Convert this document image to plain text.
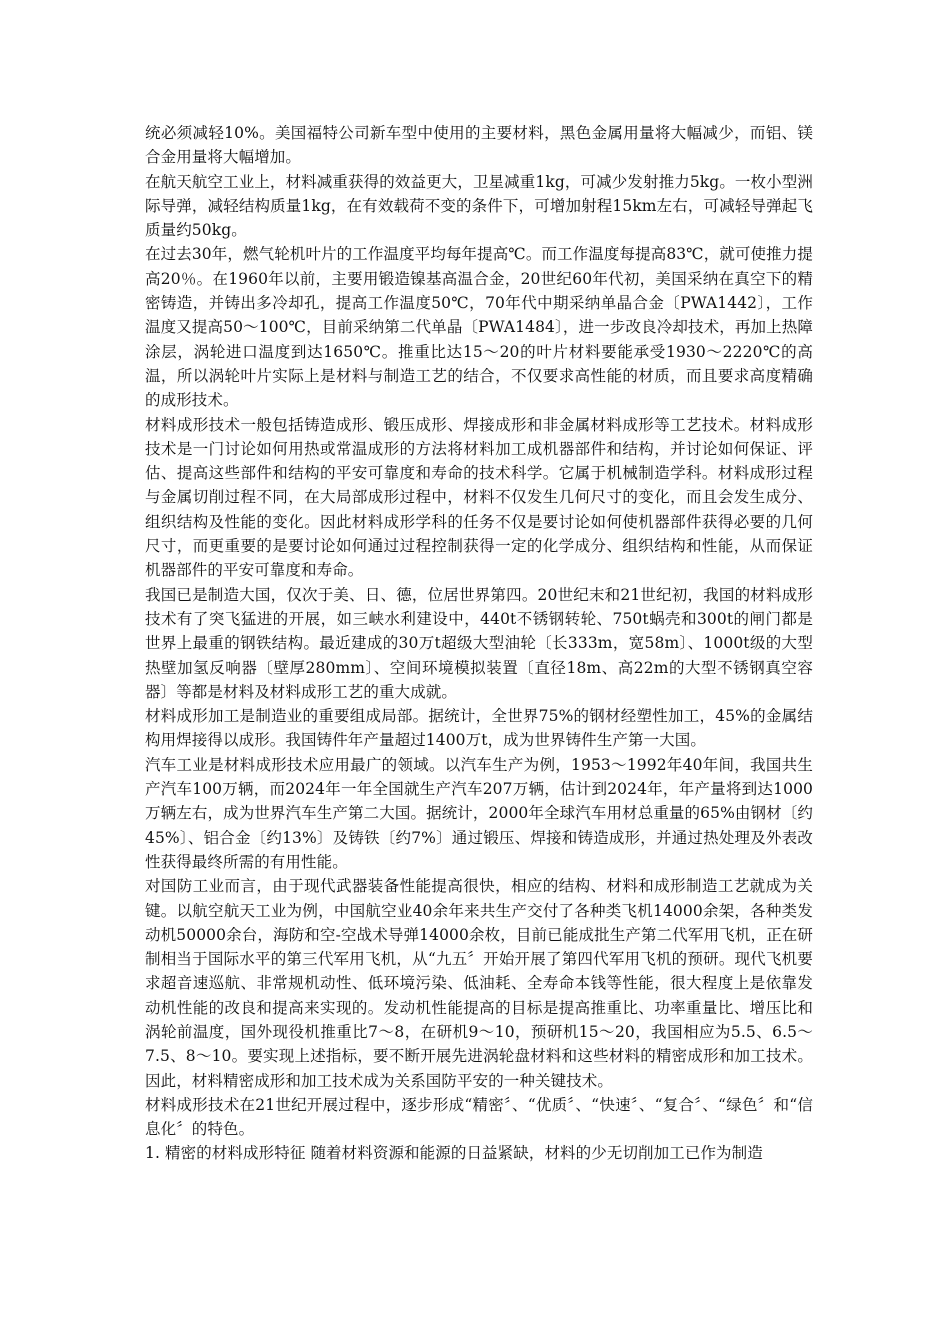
统必须减轻10%。美国福特公司新车型中使用的主要材料，黑色金属用量将大幅减少，而铝、镁合金用量将大幅增加。

在航天航空工业上，材料减重获得的效益更大，卫星减重1kg，可减少发射推力5kg。一枚小型洲际导弹，减轻结构质量1kg，在有效载荷不变的条件下，可增加射程15km左右，可减轻导弹起飞质量约50kg。

在过去30年，燃气轮机叶片的工作温度平均每年提高℃。而工作温度每提高83℃，就可使推力提高20％。在1960年以前，主要用锻造镍基高温合金，20世纪60年代初，美国采纳在真空下的精密铸造，并铸出多冷却孔，提高工作温度50℃，70年代中期采纳单晶合金〔PWA1442〕，工作温度又提高50～100℃，目前采纳第二代单晶〔PWA1484〕，进一步改良冷却技术，再加上热障涂层，涡轮进口温度到达1650℃。推重比达15～20的叶片材料要能承受1930～2220℃的高温，所以涡轮叶片实际上是材料与制造工艺的结合，不仅要求高性能的材质，而且要求高度精确的成形技术。

材料成形技术一般包括铸造成形、锻压成形、焊接成形和非金属材料成形等工艺技术。材料成形技术是一门讨论如何用热或常温成形的方法将材料加工成机器部件和结构，并讨论如何保证、评估、提高这些部件和结构的平安可靠度和寿命的技术科学。它属于机械制造学科。材料成形过程与金属切削过程不同，在大局部成形过程中，材料不仅发生几何尺寸的变化，而且会发生成分、组织结构及性能的变化。因此材料成形学科的任务不仅是要讨论如何使机器部件获得必要的几何尺寸，而更重要的是要讨论如何通过过程控制获得一定的化学成分、组织结构和性能，从而保证机器部件的平安可靠度和寿命。

我国已是制造大国，仅次于美、日、德，位居世界第四。20世纪末和21世纪初，我国的材料成形技术有了突飞猛进的开展，如三峡水利建设中，440t不锈钢转轮、750t蜗壳和300t的闸门都是世界上最重的钢铁结构。最近建成的30万t超级大型油轮〔长333m，宽58m〕、1000t级的大型热壁加氢反响器〔壁厚280mm〕、空间环境模拟装置〔直径18m、高22m的大型不锈钢真空容器〕等都是材料及材料成形工艺的重大成就。

材料成形加工是制造业的重要组成局部。据统计，全世界75%的钢材经塑性加工，45%的金属结构用焊接得以成形。我国铸件年产量超过1400万t，成为世界铸件生产第一大国。

汽车工业是材料成形技术应用最广的领域。以汽车生产为例，1953～1992年40年间，我国共生产汽车100万辆，而2024年一年全国就生产汽车207万辆，估计到2024年，年产量将到达1000万辆左右，成为世界汽车生产第二大国。据统计，2000年全球汽车用材总重量的65%由钢材〔约45%〕、铝合金〔约13%〕及铸铁〔约7%〕通过锻压、焊接和铸造成形，并通过热处理及外表改性获得最终所需的有用性能。

对国防工业而言，由于现代武器装备性能提高很快，相应的结构、材料和成形制造工艺就成为关键。以航空航天工业为例，中国航空业40余年来共生产交付了各种类飞机14000余架，各种类发动机50000余台，海防和空-空战术导弹14000余枚，目前已能成批生产第二代军用飞机，正在研制相当于国际水平的第三代军用飞机，从“九五〞开始开展了第四代军用飞机的预研。现代飞机要求超音速巡航、非常规机动性、低环境污染、低油耗、全寿命本钱等性能，很大程度上是依靠发动机性能的改良和提高来实现的。发动机性能提高的目标是提高推重比、功率重量比、增压比和涡轮前温度，国外现役机推重比7～8，在研机9～10，预研机15～20，我国相应为5.5、6.5～7.5、8～10。要实现上述指标，要不断开展先进涡轮盘材料和这些材料的精密成形和加工技术。因此，材料精密成形和加工技术成为关系国防平安的一种关键技术。

材料成形技术在21世纪开展过程中，逐步形成“精密〞、“优质〞、“快速〞、“复合〞、“绿色〞和“信息化〞的特色。

1. 精密的材料成形特征 随着材料资源和能源的日益紧缺，材料的少无切削加工已作为制造
